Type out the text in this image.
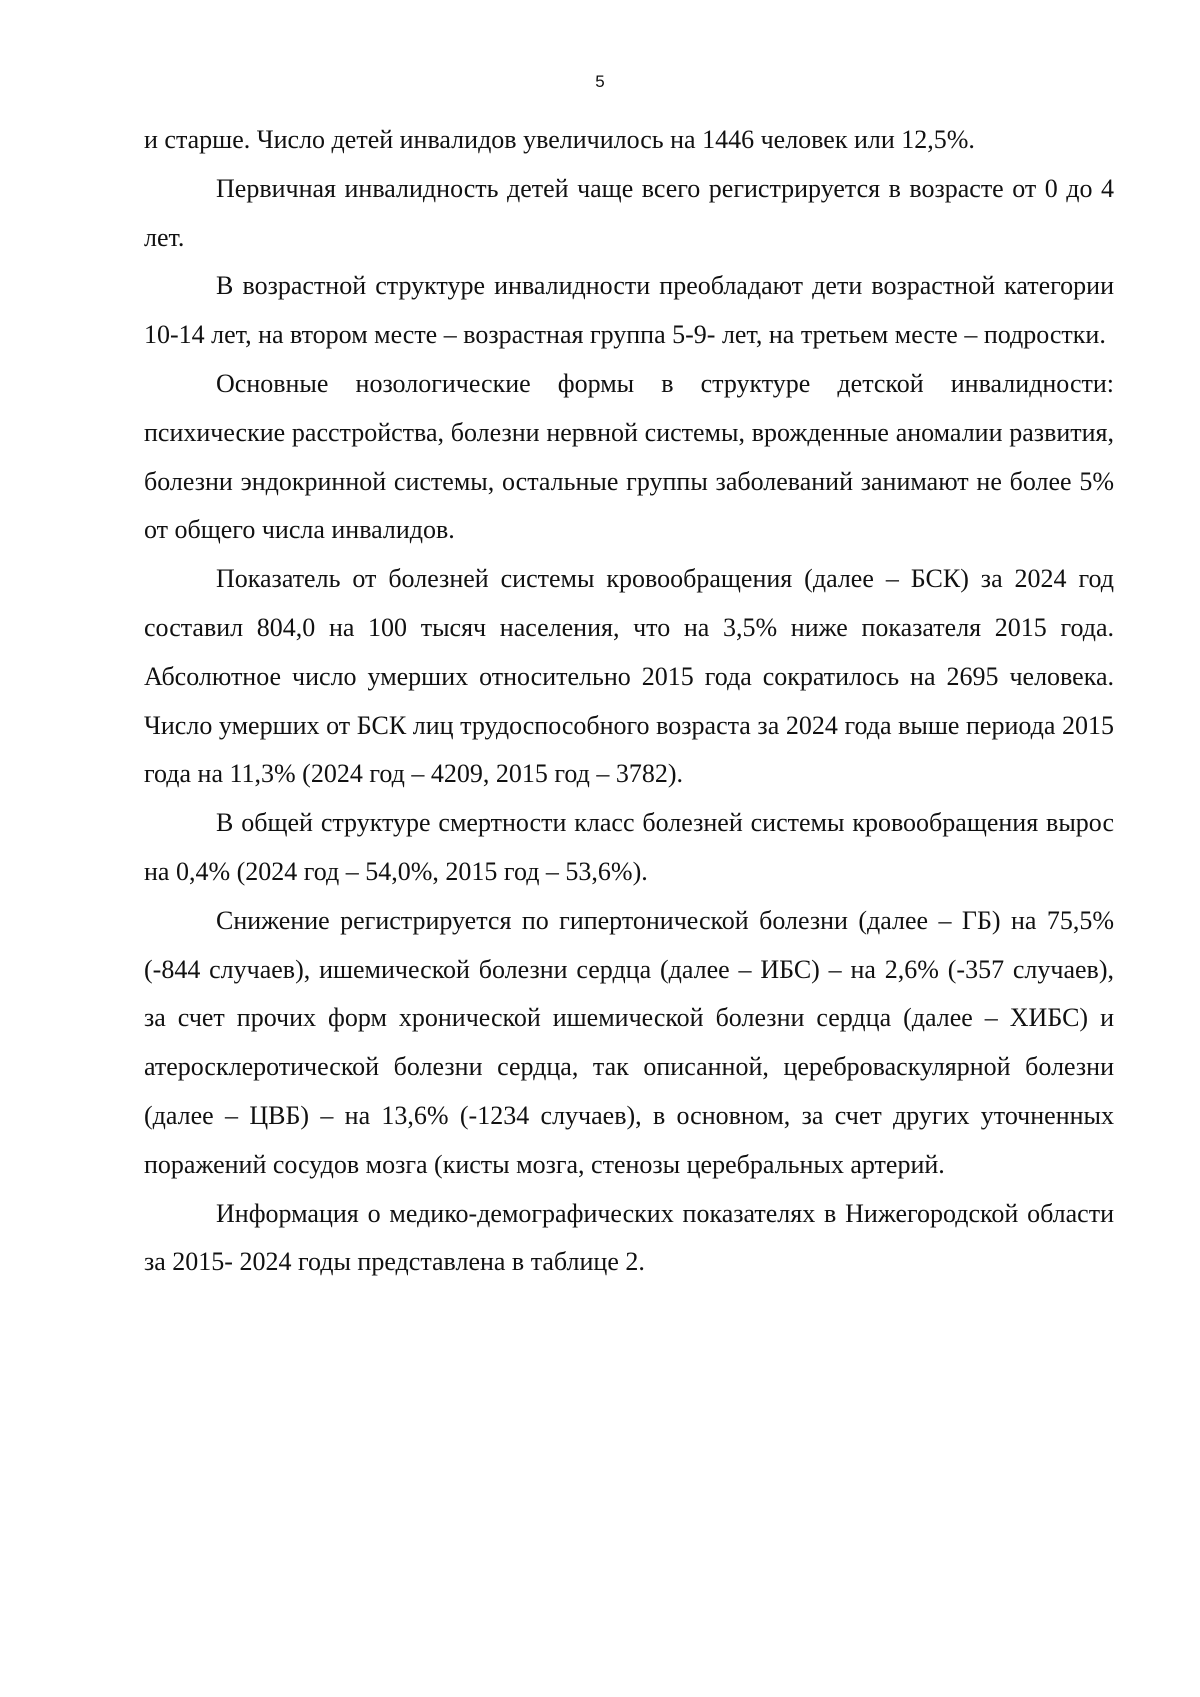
5

и старше. Число детей инвалидов увеличилось на 1446 человек или 12,5%.

Первичная инвалидность детей чаще всего регистрируется в возрасте от 0 до 4 лет.

В возрастной структуре инвалидности преобладают дети возрастной категории 10-14 лет, на втором месте – возрастная группа 5-9- лет, на третьем месте – подростки.

Основные нозологические формы в структуре детской инвалидности: психические расстройства, болезни нервной системы, врожденные аномалии развития, болезни эндокринной системы, остальные группы заболеваний занимают не более 5% от общего числа инвалидов.

Показатель от болезней системы кровообращения (далее – БСК) за 2024 год составил 804,0 на 100 тысяч населения, что на 3,5% ниже показателя 2015 года. Абсолютное число умерших относительно 2015 года сократилось на 2695 человека. Число умерших от БСК лиц трудоспособного возраста за 2024 года выше периода 2015 года на 11,3% (2024 год – 4209, 2015 год – 3782).

В общей структуре смертности класс болезней системы кровообращения вырос на 0,4% (2024 год – 54,0%, 2015 год – 53,6%).

Снижение регистрируется по гипертонической болезни (далее – ГБ) на 75,5% (-844 случаев), ишемической болезни сердца (далее – ИБС) – на 2,6% (-357 случаев), за счет прочих форм хронической ишемической болезни сердца (далее – ХИБС) и атеросклеротической болезни сердца, так описанной, цереброваскулярной болезни (далее – ЦВБ) – на 13,6% (-1234 случаев), в основном, за счет других уточненных поражений сосудов мозга (кисты мозга, стенозы церебральных артерий.

Информация о медико-демографических показателях в Нижегородской области за 2015- 2024 годы представлена в таблице 2.
